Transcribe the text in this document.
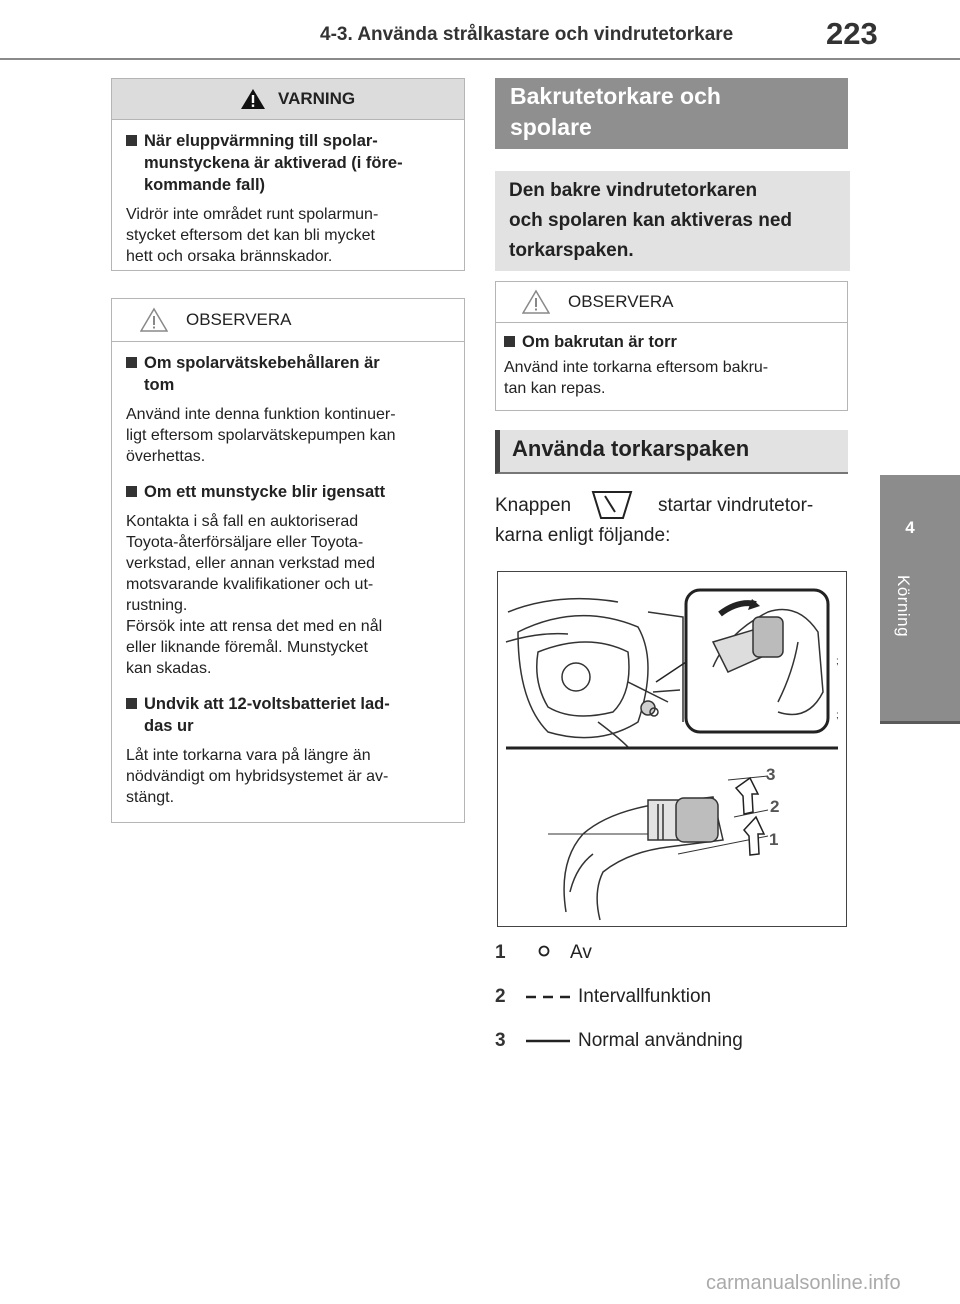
4-3. Använda strålkastare och vindrutetorkare	223
4
Körning
VARNING
När eluppvärmning till spolar-
munstyckena är aktiverad (i före-
kommande fall)
Vidrör inte området runt spolarmun-
stycket eftersom det kan bli mycket
hett och orsaka brännskador.
OBSERVERA
Om spolarvätskebehållaren är
tom
Använd inte denna funktion kontinuer-
ligt eftersom spolarvätskepumpen kan
överhettas.
Om ett munstycke blir igensatt
Kontakta i så fall en auktoriserad
Toyota-återförsäljare eller Toyota-
verkstad, eller annan verkstad med
motsvarande kvalifikationer och ut-
rustning.
Försök inte att rensa det med en nål
eller liknande föremål. Munstycket
kan skadas.
Undvik att 12-voltsbatteriet lad-
das ur
Låt inte torkarna vara på längre än
nödvändigt om hybridsystemet är av-
stängt.
Bakrutetorkare och
spolare
Den bakre vindrutetorkaren
och spolaren kan aktiveras ned
torkarspaken.
OBSERVERA
Om bakrutan är torr
Använd inte torkarna eftersom bakru-
tan kan repas.
Använda torkarspaken
Knappen	startar vindrutetor-
karna enligt följande:
;
;
3
2
1
1	Av
2	Intervallfunktion
3	Normal användning
carmanualsonline.info
